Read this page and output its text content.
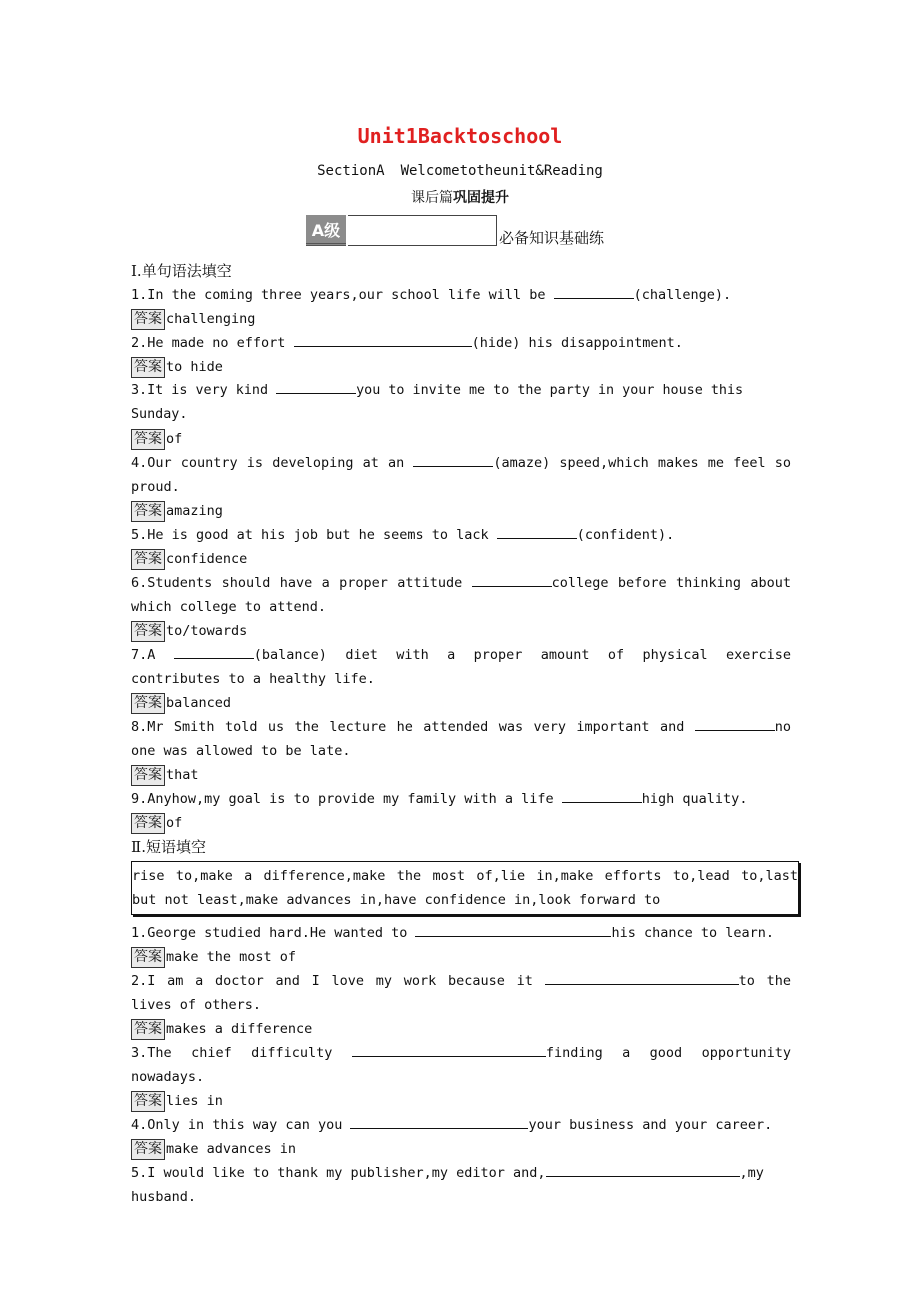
Unit1Backtoschool
SectionA Welcometotheunit&Reading
课后篇巩固提升
A级	必备知识基础练

Ⅰ.单句语法填空

1.In the coming three years,our school life will be	(challenge).

答案 challenging

2.He made no effort	(hide) his disappointment.

答案 to hide

3.It is very kind	you to invite me to the party in your house this Sunday.

答案 of

4.Our country is developing at an	(amaze) speed,which makes me feel so proud.

答案 amazing

5.He is good at his job but he seems to lack	(confident).

答案 confidence

6.Students should have a proper attitude	college before thinking about which college to attend.

答案 to/towards

7.A	(balance) diet with a proper amount of physical exercise contributes to a healthy life.

答案 balanced

8.Mr Smith told us the lecture he attended was very important and	no one was allowed to be late.

答案 that

9.Anyhow,my goal is to provide my family with a life	high quality.

答案 of

Ⅱ.短语填空

rise to,make a difference,make the most of,lie in,make efforts to,lead to,last but not least,make advances in,have confidence in,look forward to

1.George studied hard.He wanted to	his chance to learn.

答案 make the most of

2.I am a doctor and I love my work because it	to the lives of others.

答案 makes a difference

3.The chief difficulty	finding a good opportunity nowadays.

答案 lies in

4.Only in this way can you	your business and your career.

答案 make advances in

5.I would like to thank my publisher,my editor and,	,my husband.
